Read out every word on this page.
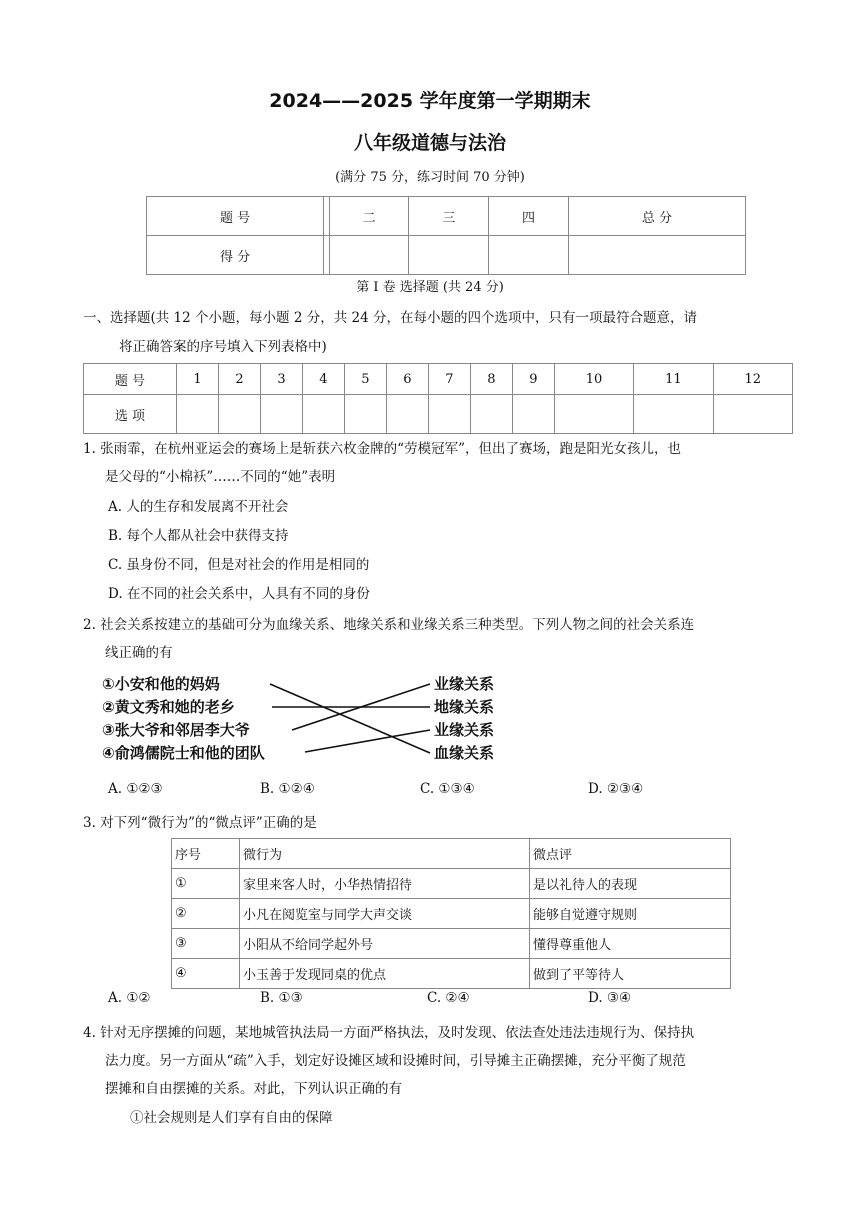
2024——2025 学年度第一学期期末
八年级道德与法治
(满分 75 分，练习时间 70 分钟)
题 号		二	三	四	总 分
得 分					
第 Ⅰ 卷 选择题 (共 24 分)
一、选择题(共 12 个小题，每小题 2 分，共 24 分，在每小题的四个选项中，只有一项最符合题意，请
将正确答案的序号填入下列表格中)
题 号	1	2	3	4	5	6	7	8	9	10	11	12
选 项												
1. 张雨霏，在杭州亚运会的赛场上是斩获六枚金牌的“劳模冠军”，但出了赛场，跑是阳光女孩儿，也
是父母的“小棉袄”……不同的“她”表明
A. 人的生存和发展离不开社会
B. 每个人都从社会中获得支持
C. 虽身份不同，但是对社会的作用是相同的
D. 在不同的社会关系中，人具有不同的身份
2. 社会关系按建立的基础可分为血缘关系、地缘关系和业缘关系三种类型。下列人物之间的社会关系连
线正确的有
①小安和他的妈妈
②黄文秀和她的老乡
③张大爷和邻居李大爷
④俞鸿儒院士和他的团队
业缘关系
地缘关系
业缘关系
血缘关系
A. ①②③	B. ①②④	C. ①③④	D. ②③④
3. 对下列“微行为”的“微点评”正确的是
序号	微行为	微点评
①	家里来客人时，小华热情招待	是以礼待人的表现
②	小凡在阅览室与同学大声交谈	能够自觉遵守规则
③	小阳从不给同学起外号	懂得尊重他人
④	小玉善于发现同桌的优点	做到了平等待人
A. ①②	B. ①③	C. ②④	D. ③④
4. 针对无序摆摊的问题，某地城管执法局一方面严格执法，及时发现、依法查处违法违规行为、保持执
法力度。另一方面从“疏”入手，划定好设摊区域和设摊时间，引导摊主正确摆摊，充分平衡了规范
摆摊和自由摆摊的关系。对此，下列认识正确的有
①社会规则是人们享有自由的保障
